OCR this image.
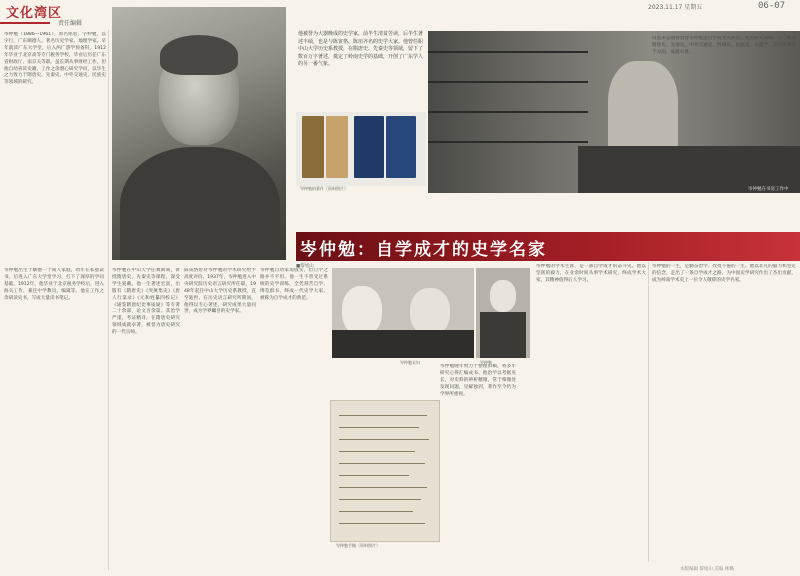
文化湾区
责任编辑
2023.11.17 星期五	06-07
岑仲勉（1886—1961），原名铭恕，字仲勉，以字行，广东顺德人。著名历史学家、地理学家。早年就读广东大学堂，后入两广游学预备科，1912年毕业于北京高等专门税务学校。毕业后历任广东省财政厅、南京关等职。虽长期从事财经工作，但他自幼喜读史籍，工作之余潜心研究学问，以毕生之力致力于隋唐史、先秦史、中外交通史、民族史等领域的研究。
岑仲勉出生于顺德一个商人家庭，幼年在私塾读书，后进入广东大学堂学习，打下了深厚的学问基础。1912年，他毕业于北京税务学校后，进入海关工作，兼任中学教员、编辑等。他在工作之余研读史书，写成大量读书笔记。
他被誉为大器晚成的史学家，前半生清贫苦读，后半生著述丰硕，也是与陈寅恪、陈垣齐名的史学大家。他曾任职中山大学历史系教授，在隋唐史、先秦史等领域，留下了数百万字著述，奠定了岭南史学的基础，开创了广东学人的另一番气象。
岑仲勉的著作（资料图片）	岑仲勉在书房工作中
岑仲勉：自学成才的史学名家
■黎旭山
岑仲勉在中山大学任教期间，讲授隋唐史、先秦史等课程，深受学生爱戴。他一生著述宏富，出版有《隋唐史》《突厥集史》《唐人行第录》《元和姓纂四校记》《通鉴隋唐纪比事质疑》等专著二十余部，论文百余篇。其治学严谨，考证精详，在隋唐史研究领域成就卓著，被誉为唐史研究的一代宗师。
陈寅恪曾对岑仲勉的学术研究给予高度评价。1937年，岑仲勉进入中央研究院历史语言研究所任职，1948年起任中山大学历史系教授，直至逝世。在历史语言研究所期间，他得以专心著述，研究成果大量问世，成为学界瞩目的史学家。
岑仲勉自幼家境殷实，但自学之路并不平坦。他一生不曾受过系统的史学训练，全凭刻苦自学，博览群书，终成一代史学大家，被称为自学成才的典范。
岑仲勉晚年致力于整理旧稿，将多年研究心得汇编成书。他治学以考据见长，对史料的辨析精微，常于细微处发现问题，见解独到，著作至今仍为学界所重视。
岑仲勉的学术生涯，是一部自学成才的奋斗史。他以坚韧的毅力，在业余时间从事学术研究，终成学术大家，其精神值得后人学习。
岑仲勉夫妇	岑仲勉
岑仲勉手稿（资料图片）
周恩来总理曾赞誉岑仲勉是自学成才的典范。他的研究领域广泛，涉及隋唐史、先秦史、中外交通史、西域史、民族史、文献学、金石学等多个方面，成就卓著。
岑仲勉的一生，是勤奋治学、孜孜不倦的一生。他以非凡的毅力和坚定的信念，走出了一条自学成才之路，为中国史学研究作出了杰出贡献，成为岭南学术史上一位令人敬仰的史学名家。
本版编辑 黎旭山 美编 林璐
